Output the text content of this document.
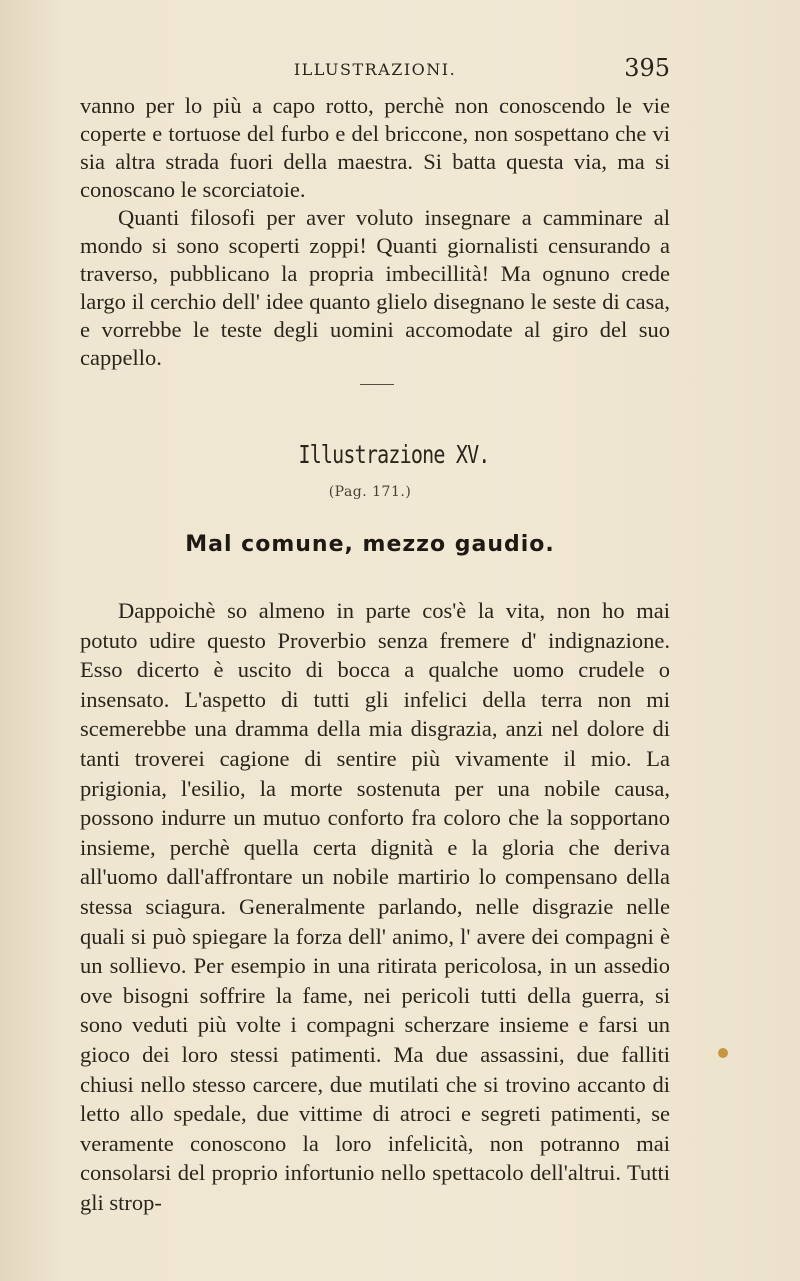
ILLUSTRAZIONI.	395

vanno per lo più a capo rotto, perchè non conoscendo le vie coperte e tortuose del furbo e del briccone, non sospettano che vi sia altra strada fuori della maestra. Si batta questa via, ma si conoscano le scorciatoie.

Quanti filosofi per aver voluto insegnare a camminare al mondo si sono scoperti zoppi! Quanti giornalisti censurando a traverso, pubblicano la propria imbecillità! Ma ognuno crede largo il cerchio dell' idee quanto glielo disegnano le seste di casa, e vorrebbe le teste degli uomini accomodate al giro del suo cappello.

Illustrazione XV.
(Pag. 171.)
Mal comune, mezzo gaudio.

Dappoichè so almeno in parte cos'è la vita, non ho mai potuto udire questo Proverbio senza fremere d' indignazione. Esso dicerto è uscito di bocca a qualche uomo crudele o insensato. L'aspetto di tutti gli infelici della terra non mi scemerebbe una dramma della mia disgrazia, anzi nel dolore di tanti troverei cagione di sentire più vivamente il mio. La prigionia, l'esilio, la morte sostenuta per una nobile causa, possono indurre un mutuo conforto fra coloro che la sopportano insieme, perchè quella certa dignità e la gloria che deriva all'uomo dall'affrontare un nobile martirio lo compensano della stessa sciagura. Generalmente parlando, nelle disgrazie nelle quali si può spiegare la forza dell' animo, l' avere dei compagni è un sollievo. Per esempio in una ritirata pericolosa, in un assedio ove bisogni soffrire la fame, nei pericoli tutti della guerra, si sono veduti più volte i compagni scherzare insieme e farsi un gioco dei loro stessi patimenti. Ma due assassini, due falliti chiusi nello stesso carcere, due mutilati che si trovino accanto di letto allo spedale, due vittime di atroci e segreti patimenti, se veramente conoscono la loro infelicità, non potranno mai consolarsi del proprio infortunio nello spettacolo dell'altrui. Tutti gli strop-
